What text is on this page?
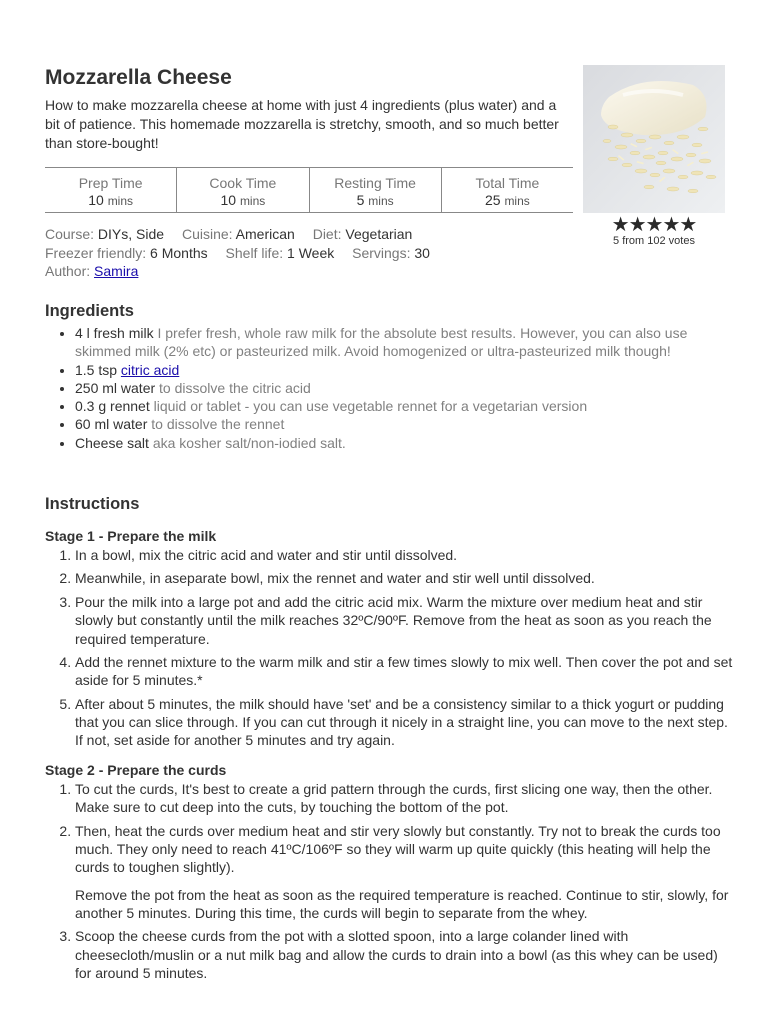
Mozzarella Cheese
How to make mozzarella cheese at home with just 4 ingredients (plus water) and a bit of patience. This homemade mozzarella is stretchy, smooth, and so much better than store-bought!
Prep Time
10 mins
Cook Time
10 mins
Resting Time
5 mins
Total Time
25 mins
Course: DIYs, Side Cuisine: American Diet: Vegetarian
Freezer friendly: 6 Months Shelf life: 1 Week Servings: 30
Author: Samira
★★★★★
5 from 102 votes
Ingredients
• 4 l fresh milk I prefer fresh, whole raw milk for the absolute best results. However, you can also use skimmed milk (2% etc) or pasteurized milk. Avoid homogenized or ultra-pasteurized milk though!
• 1.5 tsp citric acid
• 250 ml water to dissolve the citric acid
• 0.3 g rennet liquid or tablet - you can use vegetable rennet for a vegetarian version
• 60 ml water to dissolve the rennet
• Cheese salt aka kosher salt/non-iodied salt.
Instructions
Stage 1 - Prepare the milk
1. In a bowl, mix the citric acid and water and stir until dissolved.
2. Meanwhile, in aseparate bowl, mix the rennet and water and stir well until dissolved.
3. Pour the milk into a large pot and add the citric acid mix. Warm the mixture over medium heat and stir slowly but constantly until the milk reaches 32ºC/90ºF. Remove from the heat as soon as you reach the required temperature.
4. Add the rennet mixture to the warm milk and stir a few times slowly to mix well. Then cover the pot and set aside for 5 minutes.*
5. After about 5 minutes, the milk should have 'set' and be a consistency similar to a thick yogurt or pudding that you can slice through. If you can cut through it nicely in a straight line, you can move to the next step. If not, set aside for another 5 minutes and try again.
Stage 2 - Prepare the curds
1. To cut the curds, It's best to create a grid pattern through the curds, first slicing one way, then the other. Make sure to cut deep into the cuts, by touching the bottom of the pot.

2. Then, heat the curds over medium heat and stir very slowly but constantly. Try not to break the curds too much. They only need to reach 41ºC/106ºF so they will warm up quite quickly (this heating will help the curds to toughen slightly).

Remove the pot from the heat as soon as the required temperature is reached. Continue to stir, slowly, for another 5 minutes. During this time, the curds will begin to separate from the whey.

3. Scoop the cheese curds from the pot with a slotted spoon, into a large colander lined with cheesecloth/muslin or a nut milk bag and allow the curds to drain into a bowl (as this whey can be used) for around 5 minutes.
